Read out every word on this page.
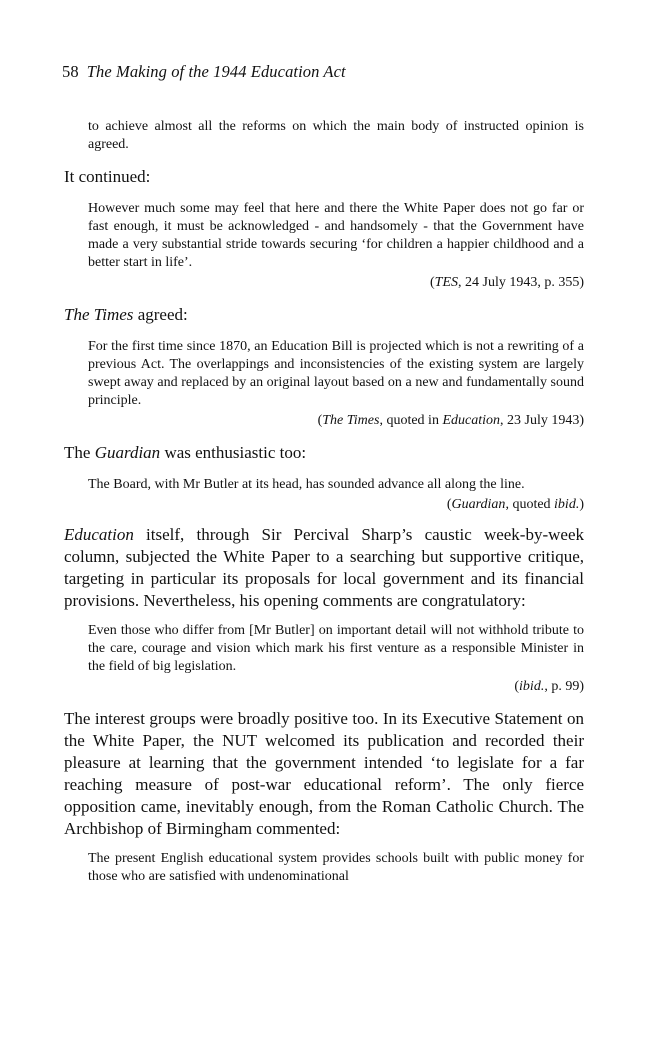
58 The Making of the 1944 Education Act

to achieve almost all the reforms on which the main body of instructed opinion is agreed.

It continued:

However much some may feel that here and there the White Paper does not go far or fast enough, it must be acknowledged - and handsomely - that the Government have made a very substantial stride towards securing ‘for children a happier childhood and a better start in life’.

(TES, 24 July 1943, p. 355)

The Times agreed:

For the first time since 1870, an Education Bill is projected which is not a rewriting of a previous Act. The overlappings and inconsistencies of the existing system are largely swept away and replaced by an original layout based on a new and fundamentally sound principle.

(The Times, quoted in Education, 23 July 1943)

The Guardian was enthusiastic too:

The Board, with Mr Butler at its head, has sounded advance all along the line.

(Guardian, quoted ibid.)

Education itself, through Sir Percival Sharp’s caustic week-by-week column, subjected the White Paper to a searching but supportive critique, targeting in particular its proposals for local government and its financial provisions. Nevertheless, his opening comments are congratulatory:

Even those who differ from [Mr Butler] on important detail will not withhold tribute to the care, courage and vision which mark his first venture as a responsible Minister in the field of big legislation.

(ibid., p. 99)

The interest groups were broadly positive too. In its Executive Statement on the White Paper, the NUT welcomed its publication and recorded their pleasure at learning that the government intended ‘to legislate for a far reaching measure of post-war educational reform’. The only fierce opposition came, inevitably enough, from the Roman Catholic Church. The Archbishop of Birmingham commented:

The present English educational system provides schools built with public money for those who are satisfied with undenominational
